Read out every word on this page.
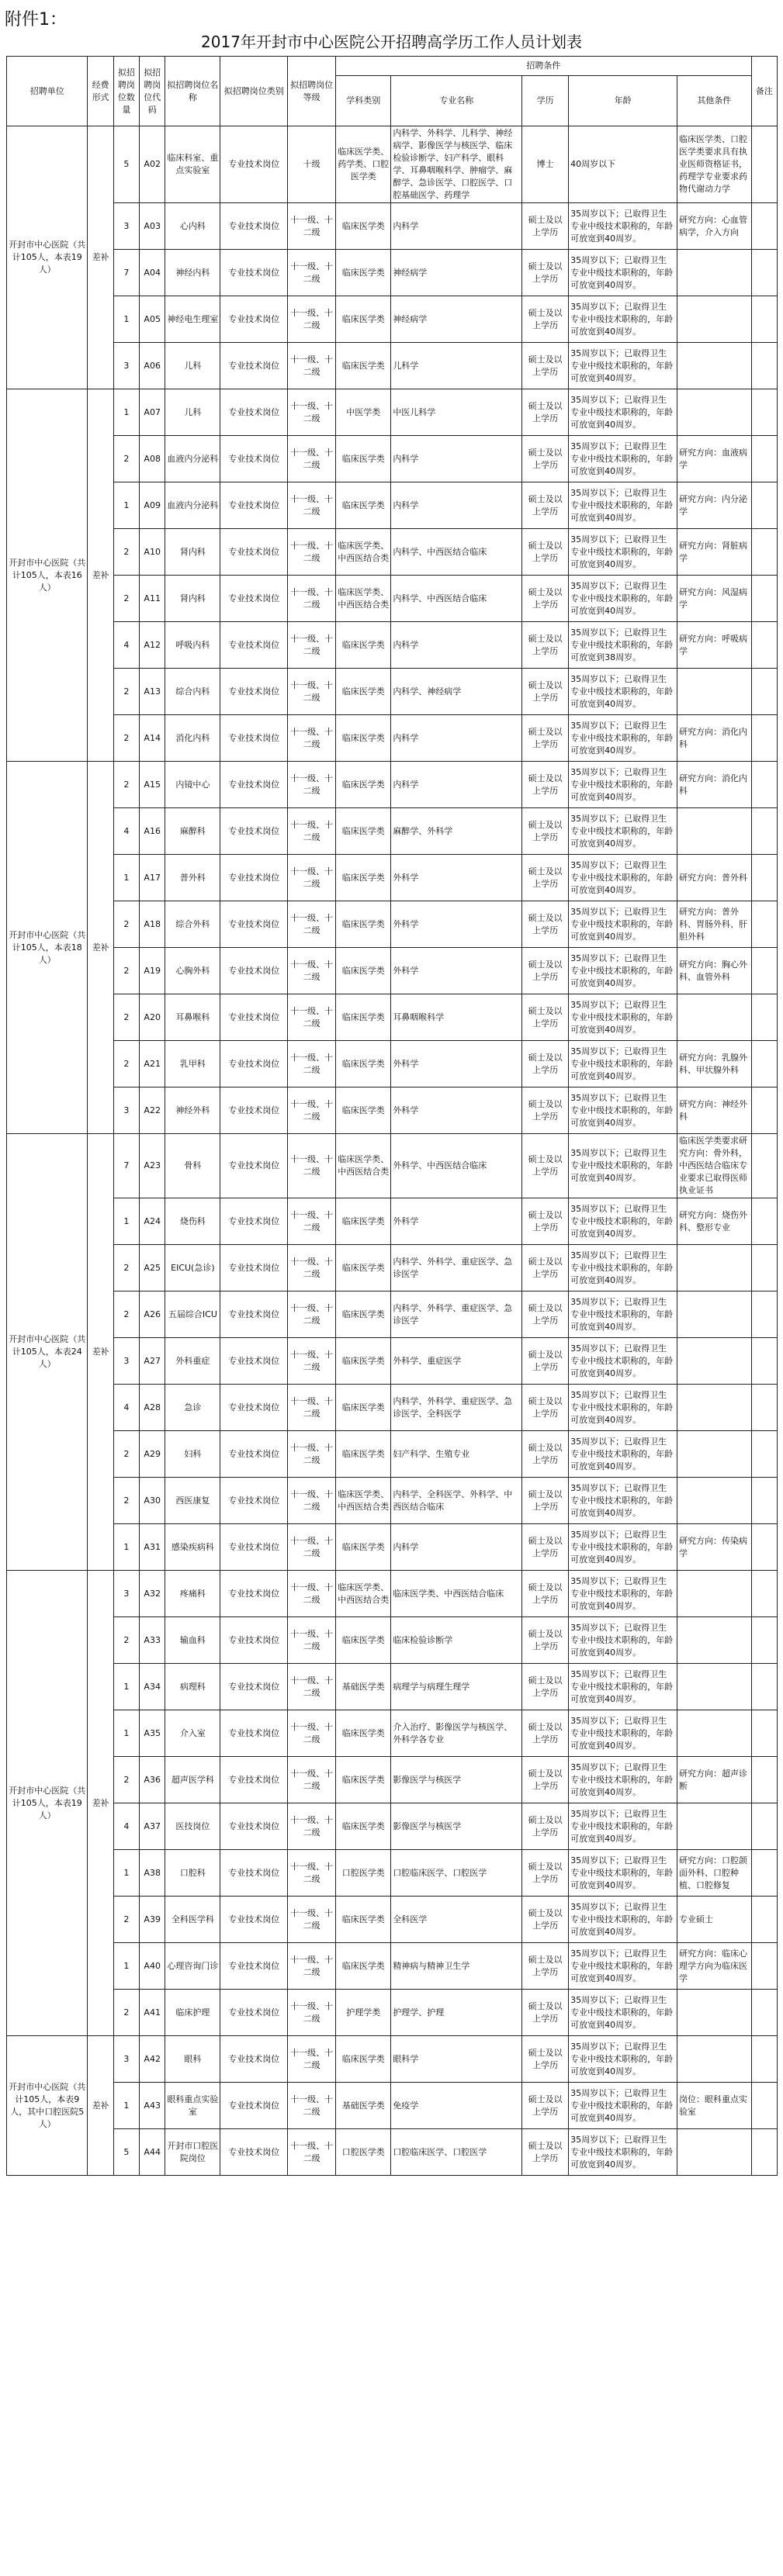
附件1：
2017年开封市中心医院公开招聘高学历工作人员计划表
招聘单位	经费形式	拟招聘岗位数量	拟招聘岗位代码	拟招聘岗位名称	拟招聘岗位类别	拟招聘岗位等级	招聘条件					备注
							学科类别	专业名称	学历	年龄	其他条件	
开封市中心医院（共计105人，本表19人）	差补	5	A02	临床科室、重点实验室	专业技术岗位	十级	临床医学类、药学类、口腔医学类	内科学、外科学、儿科学、神经病学、影像医学与核医学、临床检验诊断学、妇产科学、眼科学、耳鼻咽喉科学、肿瘤学、麻醉学、急诊医学、口腔医学、口腔基础医学、药理学	博士	40周岁以下	临床医学类、口腔医学类要求具有执业医师资格证书，药理学专业要求药物代谢动力学	
		3	A03	心内科	专业技术岗位	十一级、十二级	临床医学类	内科学	硕士及以上学历	35周岁以下；已取得卫生专业中级技术职称的，年龄可放宽到40周岁。	研究方向：心血管病学，介入方向	
		7	A04	神经内科	专业技术岗位	十一级、十二级	临床医学类	神经病学	硕士及以上学历	35周岁以下；已取得卫生专业中级技术职称的，年龄可放宽到40周岁。		
		1	A05	神经电生理室	专业技术岗位	十一级、十二级	临床医学类	神经病学	硕士及以上学历	35周岁以下；已取得卫生专业中级技术职称的，年龄可放宽到40周岁。		
		3	A06	儿科	专业技术岗位	十一级、十二级	临床医学类	儿科学	硕士及以上学历	35周岁以下；已取得卫生专业中级技术职称的，年龄可放宽到40周岁。		
开封市中心医院（共计105人，本表16人）	差补	1	A07	儿科	专业技术岗位	十一级、十二级	中医学类	中医儿科学	硕士及以上学历	35周岁以下；已取得卫生专业中级技术职称的，年龄可放宽到40周岁。		
		2	A08	血液内分泌科	专业技术岗位	十一级、十二级	临床医学类	内科学	硕士及以上学历	35周岁以下；已取得卫生专业中级技术职称的，年龄可放宽到40周岁。	研究方向：血液病学	
		1	A09	血液内分泌科	专业技术岗位	十一级、十二级	临床医学类	内科学	硕士及以上学历	35周岁以下；已取得卫生专业中级技术职称的，年龄可放宽到40周岁。	研究方向：内分泌学	
		2	A10	肾内科	专业技术岗位	十一级、十二级	临床医学类、中西医结合类	内科学、中西医结合临床	硕士及以上学历	35周岁以下；已取得卫生专业中级技术职称的，年龄可放宽到40周岁。	研究方向：肾脏病学	
		2	A11	肾内科	专业技术岗位	十一级、十二级	临床医学类、中西医结合类	内科学、中西医结合临床	硕士及以上学历	35周岁以下；已取得卫生专业中级技术职称的，年龄可放宽到40周岁。	研究方向：风湿病学	
		4	A12	呼吸内科	专业技术岗位	十一级、十二级	临床医学类	内科学	硕士及以上学历	35周岁以下；已取得卫生专业中级技术职称的，年龄可放宽到38周岁。	研究方向：呼吸病学	
		2	A13	综合内科	专业技术岗位	十一级、十二级	临床医学类	内科学、神经病学	硕士及以上学历	35周岁以下；已取得卫生专业中级技术职称的，年龄可放宽到40周岁。		
		2	A14	消化内科	专业技术岗位	十一级、十二级	临床医学类	内科学	硕士及以上学历	35周岁以下；已取得卫生专业中级技术职称的，年龄可放宽到40周岁。	研究方向：消化内科	
开封市中心医院（共计105人，本表18人）	差补	2	A15	内镜中心	专业技术岗位	十一级、十二级	临床医学类	内科学	硕士及以上学历	35周岁以下；已取得卫生专业中级技术职称的，年龄可放宽到40周岁。	研究方向：消化内科	
		4	A16	麻醉科	专业技术岗位	十一级、十二级	临床医学类	麻醉学、外科学	硕士及以上学历	35周岁以下；已取得卫生专业中级技术职称的，年龄可放宽到40周岁。		
		1	A17	普外科	专业技术岗位	十一级、十二级	临床医学类	外科学	硕士及以上学历	35周岁以下；已取得卫生专业中级技术职称的，年龄可放宽到40周岁。	研究方向：普外科	
		2	A18	综合外科	专业技术岗位	十一级、十二级	临床医学类	外科学	硕士及以上学历	35周岁以下；已取得卫生专业中级技术职称的，年龄可放宽到40周岁。	研究方向：普外科、胃肠外科、肝胆外科	
		2	A19	心胸外科	专业技术岗位	十一级、十二级	临床医学类	外科学	硕士及以上学历	35周岁以下；已取得卫生专业中级技术职称的，年龄可放宽到40周岁。	研究方向：胸心外科、血管外科	
		2	A20	耳鼻喉科	专业技术岗位	十一级、十二级	临床医学类	耳鼻咽喉科学	硕士及以上学历	35周岁以下；已取得卫生专业中级技术职称的，年龄可放宽到40周岁。		
		2	A21	乳甲科	专业技术岗位	十一级、十二级	临床医学类	外科学	硕士及以上学历	35周岁以下；已取得卫生专业中级技术职称的，年龄可放宽到40周岁。	研究方向：乳腺外科、甲状腺外科	
		3	A22	神经外科	专业技术岗位	十一级、十二级	临床医学类	外科学	硕士及以上学历	35周岁以下；已取得卫生专业中级技术职称的，年龄可放宽到40周岁。	研究方向：神经外科	
开封市中心医院（共计105人，本表24人）	差补	7	A23	骨科	专业技术岗位	十一级、十二级	临床医学类、中西医结合类	外科学、中西医结合临床	硕士及以上学历	35周岁以下；已取得卫生专业中级技术职称的，年龄可放宽到40周岁。	临床医学类要求研究方向：骨外科，中西医结合临床专业要求已取得医师执业证书	
		1	A24	烧伤科	专业技术岗位	十一级、十二级	临床医学类	外科学	硕士及以上学历	35周岁以下；已取得卫生专业中级技术职称的，年龄可放宽到40周岁。	研究方向：烧伤外科、整形专业	
		2	A25	EICU(急诊)	专业技术岗位	十一级、十二级	临床医学类	内科学、外科学、重症医学、急诊医学	硕士及以上学历	35周岁以下；已取得卫生专业中级技术职称的，年龄可放宽到40周岁。		
		2	A26	五届综合ICU	专业技术岗位	十一级、十二级	临床医学类	内科学、外科学、重症医学、急诊医学	硕士及以上学历	35周岁以下；已取得卫生专业中级技术职称的，年龄可放宽到40周岁。		
		3	A27	外科重症	专业技术岗位	十一级、十二级	临床医学类	外科学、重症医学	硕士及以上学历	35周岁以下；已取得卫生专业中级技术职称的，年龄可放宽到40周岁。		
		4	A28	急诊	专业技术岗位	十一级、十二级	临床医学类	内科学、外科学、重症医学、急诊医学、全科医学	硕士及以上学历	35周岁以下；已取得卫生专业中级技术职称的，年龄可放宽到40周岁。		
		2	A29	妇科	专业技术岗位	十一级、十二级	临床医学类	妇产科学、生殖专业	硕士及以上学历	35周岁以下；已取得卫生专业中级技术职称的，年龄可放宽到40周岁。		
		2	A30	西医康复	专业技术岗位	十一级、十二级	临床医学类、中西医结合类	内科学、全科医学、外科学、中西医结合临床	硕士及以上学历	35周岁以下；已取得卫生专业中级技术职称的，年龄可放宽到40周岁。		
		1	A31	感染疾病科	专业技术岗位	十一级、十二级	临床医学类	内科学	硕士及以上学历	35周岁以下；已取得卫生专业中级技术职称的，年龄可放宽到40周岁。	研究方向：传染病学	
开封市中心医院（共计105人，本表19人）	差补	3	A32	疼痛科	专业技术岗位	十一级、十二级	临床医学类、中西医结合类	临床医学类、中西医结合临床	硕士及以上学历	35周岁以下；已取得卫生专业中级技术职称的，年龄可放宽到40周岁。		
		2	A33	输血科	专业技术岗位	十一级、十二级	临床医学类	临床检验诊断学	硕士及以上学历	35周岁以下；已取得卫生专业中级技术职称的，年龄可放宽到40周岁。		
		1	A34	病理科	专业技术岗位	十一级、十二级	基础医学类	病理学与病理生理学	硕士及以上学历	35周岁以下；已取得卫生专业中级技术职称的，年龄可放宽到40周岁。		
		1	A35	介入室	专业技术岗位	十一级、十二级	临床医学类	介入治疗、影像医学与核医学、外科学各专业	硕士及以上学历	35周岁以下；已取得卫生专业中级技术职称的，年龄可放宽到40周岁。		
		2	A36	超声医学科	专业技术岗位	十一级、十二级	临床医学类	影像医学与核医学	硕士及以上学历	35周岁以下；已取得卫生专业中级技术职称的，年龄可放宽到40周岁。	研究方向：超声诊断	
		4	A37	医技岗位	专业技术岗位	十一级、十二级	临床医学类	影像医学与核医学	硕士及以上学历	35周岁以下；已取得卫生专业中级技术职称的，年龄可放宽到40周岁。		
		1	A38	口腔科	专业技术岗位	十一级、十二级	口腔医学类	口腔临床医学、口腔医学	硕士及以上学历	35周岁以下；已取得卫生专业中级技术职称的，年龄可放宽到40周岁。	研究方向：口腔颌面外科、口腔种植、口腔修复	
		2	A39	全科医学科	专业技术岗位	十一级、十二级	临床医学类	全科医学	硕士及以上学历	35周岁以下；已取得卫生专业中级技术职称的，年龄可放宽到40周岁。	专业硕士	
		1	A40	心理咨询门诊	专业技术岗位	十一级、十二级	临床医学类	精神病与精神卫生学	硕士及以上学历	35周岁以下；已取得卫生专业中级技术职称的，年龄可放宽到40周岁。	研究方向：临床心理学方向为临床医学	
		2	A41	临床护理	专业技术岗位	十一级、十二级	护理学类	护理学、护理	硕士及以上学历	35周岁以下；已取得卫生专业中级技术职称的，年龄可放宽到40周岁。		
开封市中心医院（共计105人，本表9人，其中口腔医院5人）	差补	3	A42	眼科	专业技术岗位	十一级、十二级	临床医学类	眼科学	硕士及以上学历	35周岁以下；已取得卫生专业中级技术职称的，年龄可放宽到40周岁。		
		1	A43	眼科重点实验室	专业技术岗位	十一级、十二级	基础医学类	免疫学	硕士及以上学历	35周岁以下；已取得卫生专业中级技术职称的，年龄可放宽到40周岁。	岗位：眼科重点实验室	
		5	A44	开封市口腔医院岗位	专业技术岗位	十一级、十二级	口腔医学类	口腔临床医学、口腔医学	硕士及以上学历	35周岁以下；已取得卫生专业中级技术职称的，年龄可放宽到40周岁。		
